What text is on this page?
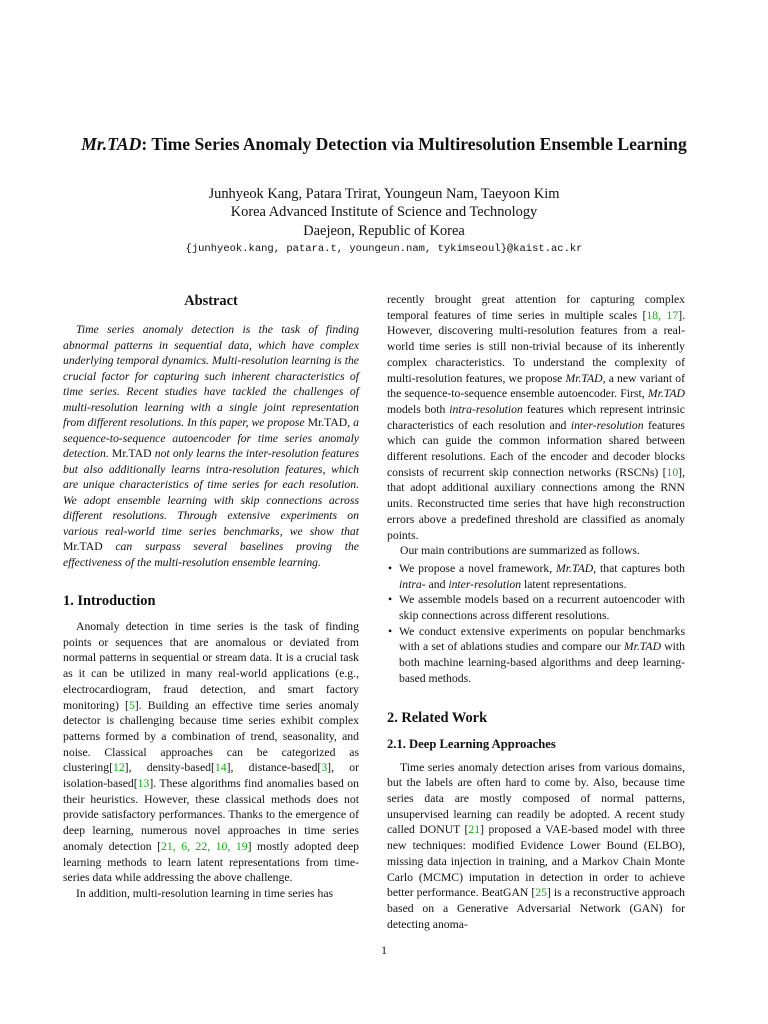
Mr.TAD: Time Series Anomaly Detection via Multiresolution Ensemble Learning
Junhyeok Kang, Patara Trirat, Youngeun Nam, Taeyoon Kim
Korea Advanced Institute of Science and Technology
Daejeon, Republic of Korea
{junhyeok.kang, patara.t, youngeun.nam, tykimseoul}@kaist.ac.kr
Abstract

Time series anomaly detection is the task of finding abnormal patterns in sequential data, which have complex underlying temporal dynamics. Multi-resolution learning is the crucial factor for capturing such inherent characteristics of time series. Recent studies have tackled the challenges of multi-resolution learning with a single joint representation from different resolutions. In this paper, we propose Mr.TAD, a sequence-to-sequence autoencoder for time series anomaly detection. Mr.TAD not only learns the inter-resolution features but also additionally learns intra-resolution features, which are unique characteristics of time series for each resolution. We adopt ensemble learning with skip connections across different resolutions. Through extensive experiments on various real-world time series benchmarks, we show that Mr.TAD can surpass several baselines proving the effectiveness of the multi-resolution ensemble learning.

1. Introduction

Anomaly detection in time series is the task of finding points or sequences that are anomalous or deviated from normal patterns in sequential or stream data. It is a crucial task as it can be utilized in many real-world applications (e.g., electrocardiogram, fraud detection, and smart factory monitoring) [5]. Building an effective time series anomaly detector is challenging because time series exhibit complex patterns formed by a combination of trend, seasonality, and noise. Classical approaches can be categorized as clustering[12], density-based[14], distance-based[3], or isolation-based[13]. These algorithms find anomalies based on their heuristics. However, these classical methods does not provide satisfactory performances. Thanks to the emergence of deep learning, numerous novel approaches in time series anomaly detection [21, 6, 22, 10, 19] mostly adopted deep learning methods to learn latent representations from time-series data while addressing the above challenge.

In addition, multi-resolution learning in time series has

recently brought great attention for capturing complex temporal features of time series in multiple scales [18, 17]. However, discovering multi-resolution features from a real-world time series is still non-trivial because of its inherently complex characteristics. To understand the complexity of multi-resolution features, we propose Mr.TAD, a new variant of the sequence-to-sequence ensemble autoencoder. First, Mr.TAD models both intra-resolution features which represent intrinsic characteristics of each resolution and inter-resolution features which can guide the common information shared between different resolutions. Each of the encoder and decoder blocks consists of recurrent skip connection networks (RSCNs) [10], that adopt additional auxiliary connections among the RNN units. Reconstructed time series that have high reconstruction errors above a predefined threshold are classified as anomaly points.

Our main contributions are summarized as follows.

• We propose a novel framework, Mr.TAD, that captures both intra- and inter-resolution latent representations.
• We assemble models based on a recurrent autoencoder with skip connections across different resolutions.
• We conduct extensive experiments on popular benchmarks with a set of ablations studies and compare our Mr.TAD with both machine learning-based algorithms and deep learning-based methods.
2. Related Work
2.1. Deep Learning Approaches

Time series anomaly detection arises from various domains, but the labels are often hard to come by. Also, because time series data are mostly composed of normal patterns, unsupervised learning can readily be adopted. A recent study called DONUT [21] proposed a VAE-based model with three new techniques: modified Evidence Lower Bound (ELBO), missing data injection in training, and a Markov Chain Monte Carlo (MCMC) imputation in detection in order to achieve better performance. BeatGAN [25] is a reconstructive approach based on a Generative Adversarial Network (GAN) for detecting anoma-

1
